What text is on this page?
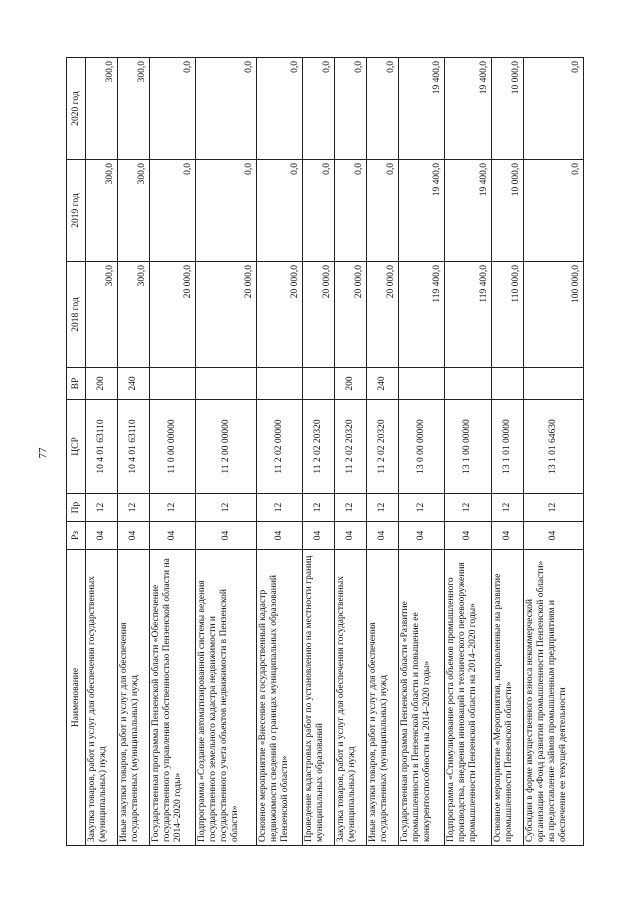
77
Наименование	Рз	Пр	ЦСР	ВР	2018 год	2019 год	2020 год
Закупка товаров, работ и услуг для обеспечения государственных (муниципальных) нужд	04	12	10 4 01 63110	200	300,0	300,0	300,0
Иные закупки товаров, работ и услуг для обеспечения государственных (муниципальных) нужд	04	12	10 4 01 63110	240	300,0	300,0	300,0
Государственная программа Пензенской области «Обеспечение государственного управления собственностью Пензенской области на 2014–2020 годы»	04	12	11 0 00 00000		20 000,0	0,0	0,0
Подпрограмма «Создание автоматизированной системы ведения государственного земельного кадастра недвижимости и государственного учета объектов недвижимости в Пензенской области»	04	12	11 2 00 00000		20 000,0	0,0	0,0
Основное мероприятие «Внесение в государственный кадастр недвижимости сведений о границах муниципальных образований Пензенской области»	04	12	11 2 02 00000		20 000,0	0,0	0,0
Проведение кадастровых работ по установлению на местности границ муниципальных образований	04	12	11 2 02 20320		20 000,0	0,0	0,0
Закупка товаров, работ и услуг для обеспечения государственных (муниципальных) нужд	04	12	11 2 02 20320	200	20 000,0	0,0	0,0
Иные закупки товаров, работ и услуг для обеспечения государственных (муниципальных) нужд	04	12	11 2 02 20320	240	20 000,0	0,0	0,0
Государственная программа Пензенской области «Развитие промышленности в Пензенской области и повышение ее конкурентоспособности на 2014–2020 годы»	04	12	13 0 00 00000		119 400,0	19 400,0	19 400,0
Подпрограмма «Стимулирование роста объемов промышленного производства, внедрения инноваций и технического перевооружения промышленности Пензенской области на 2014–2020 годы»	04	12	13 1 00 00000		119 400,0	19 400,0	19 400,0
Основное мероприятие «Мероприятия, направленные на развитие промышленности Пензенской области»	04	12	13 1 01 00000		110 000,0	10 000,0	10 000,0
Субсидии в форме имущественного взноса некоммерческой организации «Фонд развития промышленности Пензенской области» на предоставление займов промышленным предприятиям и обеспечение ее текущей деятельности	04	12	13 1 01 64630		100 000,0	0,0	0,0
